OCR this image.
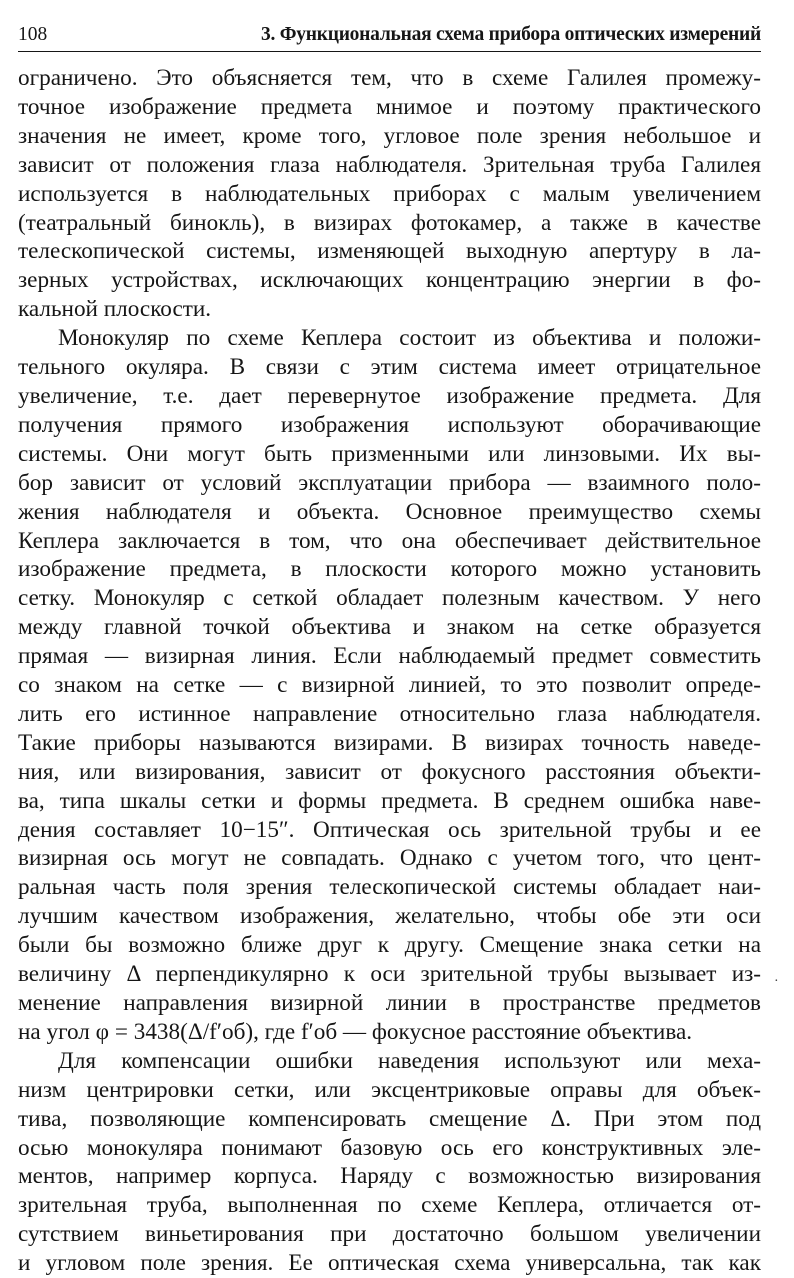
108	3. Функциональная схема прибора оптических измерений

ограничено. Это объясняется тем, что в схеме Галилея промежу-
точное изображение предмета мнимое и поэтому практического
значения не имеет, кроме того, угловое поле зрения небольшое и
зависит от положения глаза наблюдателя. Зрительная труба Галилея
используется в наблюдательных приборах с малым увеличением
(театральный бинокль), в визирах фотокамер, а также в качестве
телескопической системы, изменяющей выходную апертуру в ла-
зерных устройствах, исключающих концентрацию энергии в фо-
кальной плоскости.

Монокуляр по схеме Кеплера состоит из объектива и положи-
тельного окуляра. В связи с этим система имеет отрицательное
увеличение, т.е. дает перевернутое изображение предмета. Для
получения прямого изображения используют оборачивающие
системы. Они могут быть призменными или линзовыми. Их вы-
бор зависит от условий эксплуатации прибора — взаимного поло-
жения наблюдателя и объекта. Основное преимущество схемы
Кеплера заключается в том, что она обеспечивает действительное
изображение предмета, в плоскости которого можно установить
сетку. Монокуляр с сеткой обладает полезным качеством. У него
между главной точкой объектива и знаком на сетке образуется
прямая — визирная линия. Если наблюдаемый предмет совместить
со знаком на сетке — с визирной линией, то это позволит опреде-
лить его истинное направление относительно глаза наблюдателя.
Такие приборы называются визирами. В визирах точность наведе-
ния, или визирования, зависит от фокусного расстояния объекти-
ва, типа шкалы сетки и формы предмета. В среднем ошибка наве-
дения составляет 10−15″. Оптическая ось зрительной трубы и ее
визирная ось могут не совпадать. Однако с учетом того, что цент-
ральная часть поля зрения телескопической системы обладает наи-
лучшим качеством изображения, желательно, чтобы обе эти оси
были бы возможно ближе друг к другу. Смещение знака сетки на
величину Δ перпендикулярно к оси зрительной трубы вызывает из-
менение направления визирной линии в пространстве предметов
на угол φ = 3438(Δ/f′об), где f′об — фокусное расстояние объектива.

Для компенсации ошибки наведения используют или меха-
низм центрировки сетки, или эксцентриковые оправы для объек-
тива, позволяющие компенсировать смещение Δ. При этом под
осью монокуляра понимают базовую ось его конструктивных эле-
ментов, например корпуса. Наряду с возможностью визирования
зрительная труба, выполненная по схеме Кеплера, отличается от-
сутствием виньетирования при достаточно большом увеличении
и угловом поле зрения. Ее оптическая схема универсальна, так как

·
